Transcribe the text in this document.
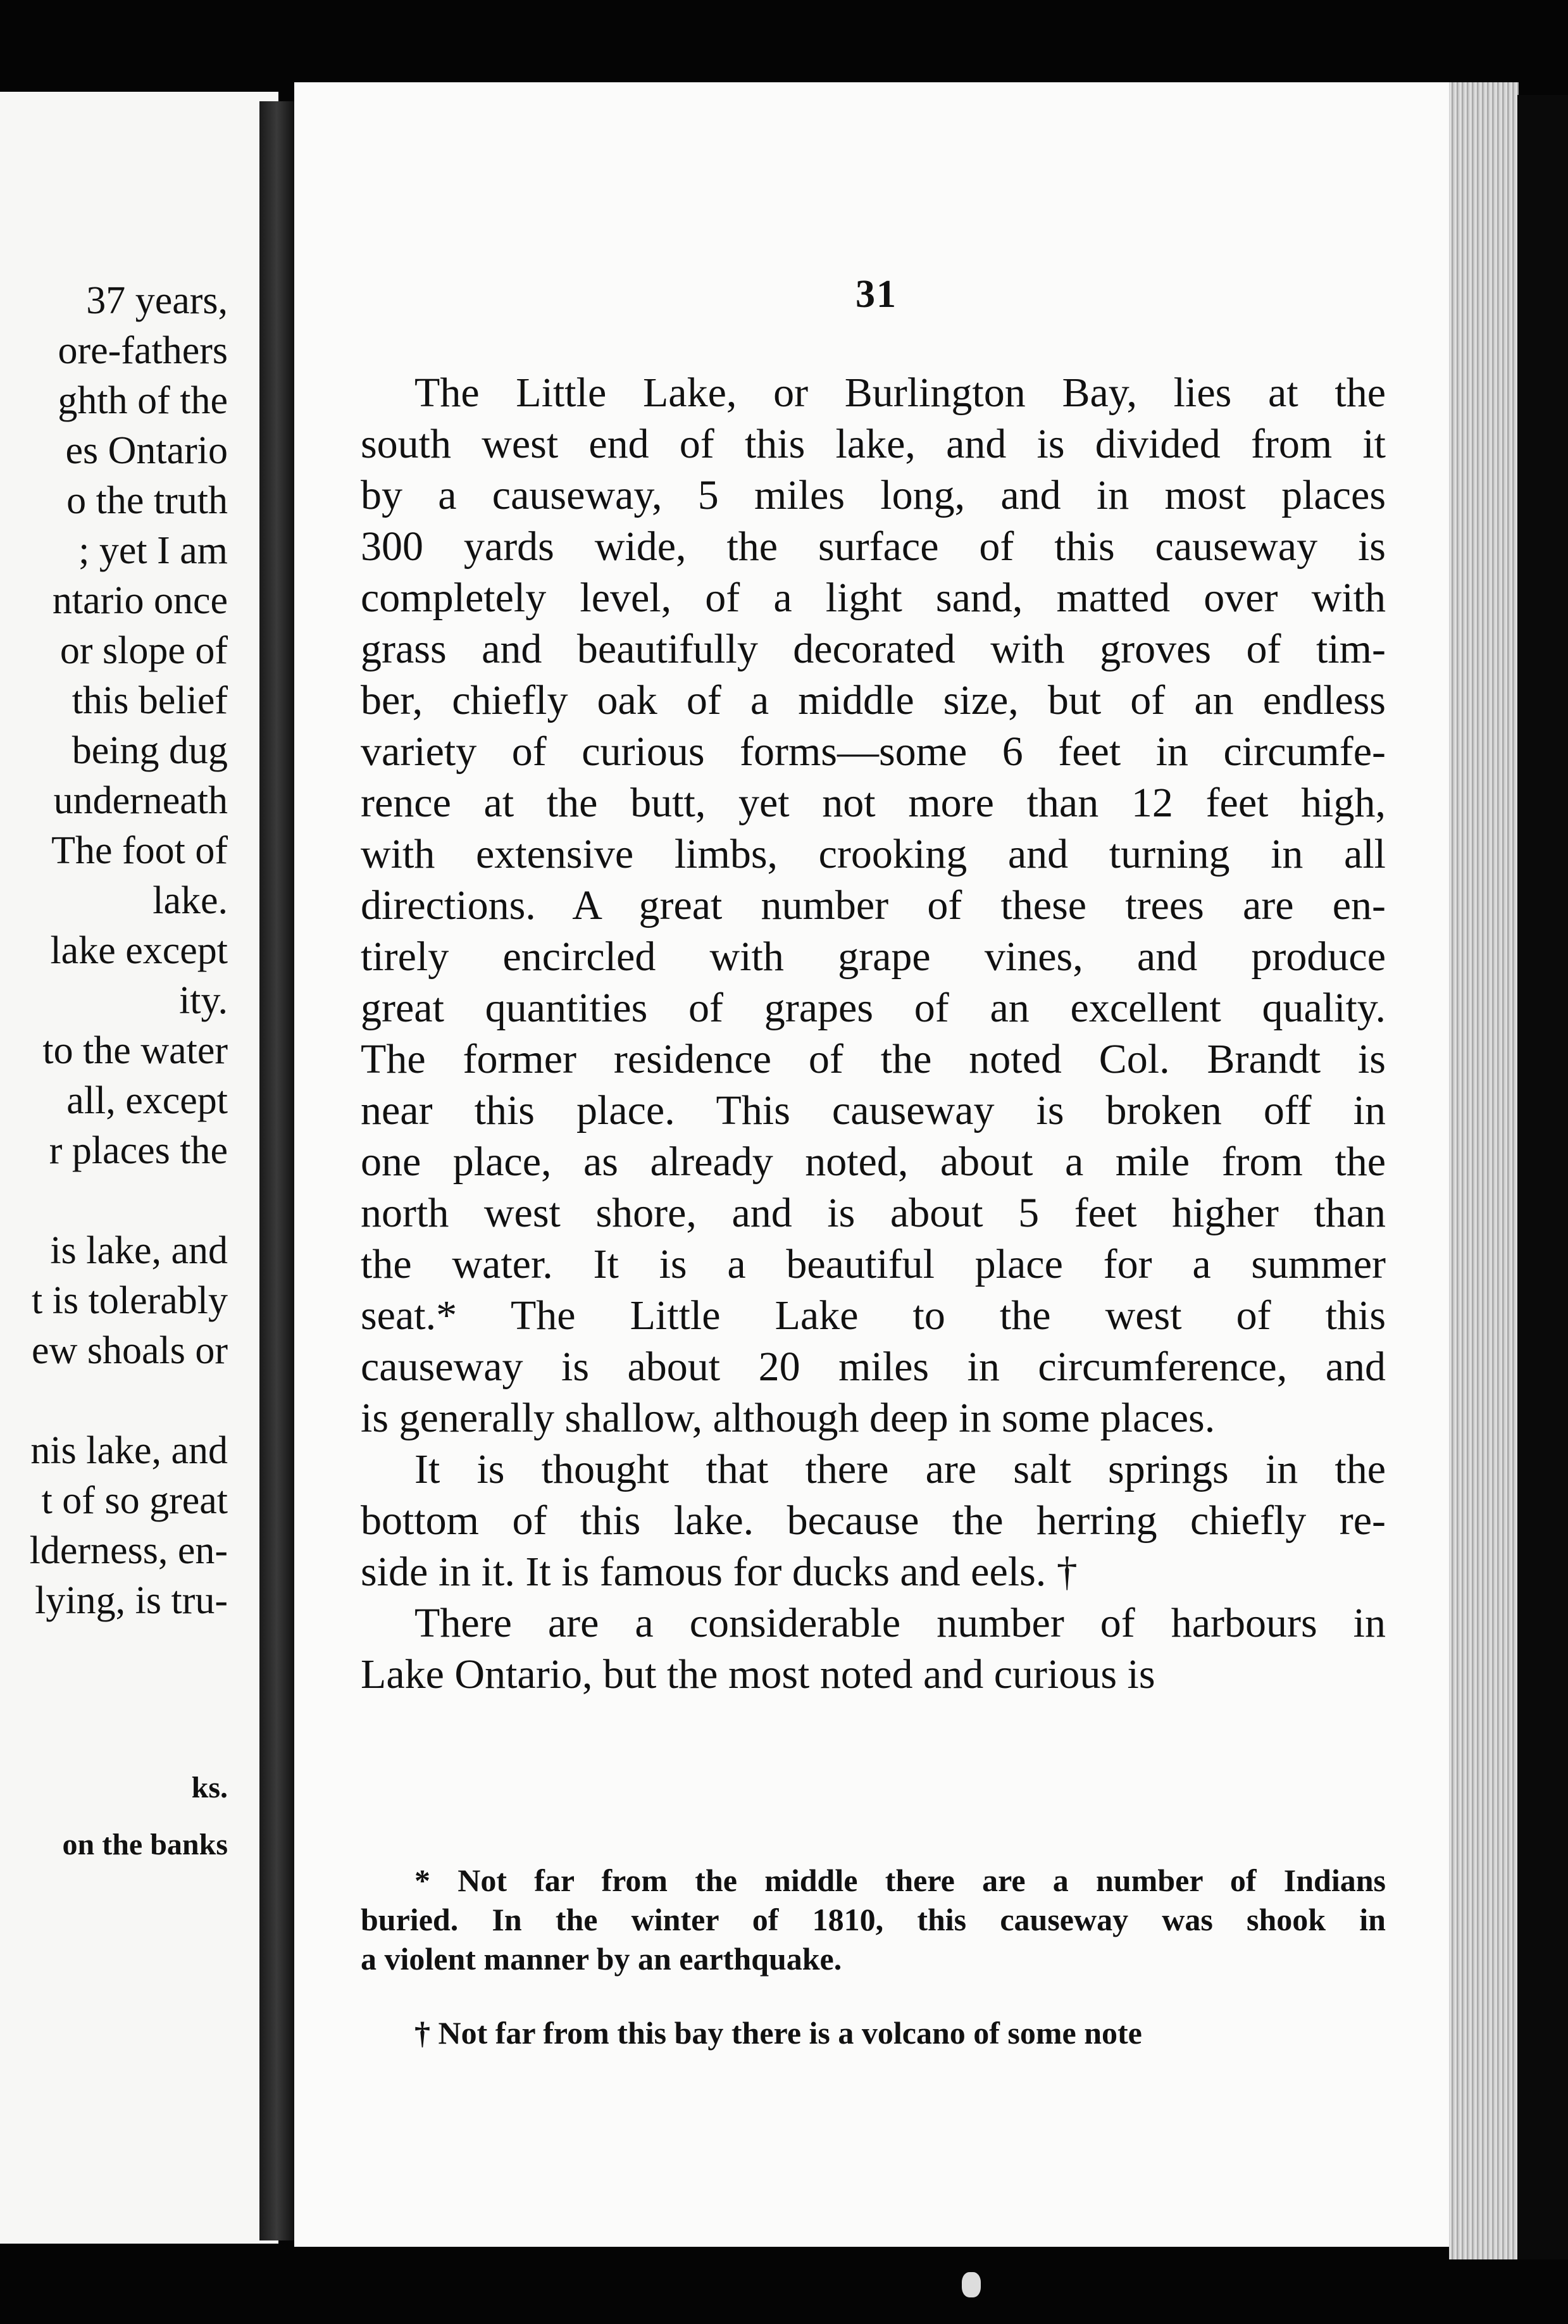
37 years,
ore-fathers
ghth of the
es Ontario
o the truth
; yet I am
ntario once
or slope of
this belief
being dug
underneath
The foot of
lake.
lake except
ity.
to the water
all, except
r places the
is lake, and
t is tolerably
ew shoals or
nis lake, and
t of so great
lderness, en-
lying, is tru-
ks.
on the banks
31
The Little Lake, or Burlington Bay, lies at the
south west end of this lake, and is divided from it
by a causeway, 5 miles long, and in most places
300 yards wide, the surface of this causeway is
completely level, of a light sand, matted over with
grass and beautifully decorated with groves of tim-
ber, chiefly oak of a middle size, but of an endless
variety of curious forms—some 6 feet in circumfe-
rence at the butt, yet not more than 12 feet high,
with extensive limbs, crooking and turning in all
directions. A great number of these trees are en-
tirely encircled with grape vines, and produce
great quantities of grapes of an excellent quality.
The former residence of the noted Col. Brandt is
near this place. This causeway is broken off in
one place, as already noted, about a mile from the
north west shore, and is about 5 feet higher than
the water. It is a beautiful place for a summer
seat.* The Little Lake to the west of this
causeway is about 20 miles in circumference, and
is generally shallow, although deep in some places.
It is thought that there are salt springs in the
bottom of this lake. because the herring chiefly re-
side in it. It is famous for ducks and eels. †
There are a considerable number of harbours in
Lake Ontario, but the most noted and curious is
* Not far from the middle there are a number of Indians
buried. In the winter of 1810, this causeway was shook in
a violent manner by an earthquake.
† Not far from this bay there is a volcano of some note
